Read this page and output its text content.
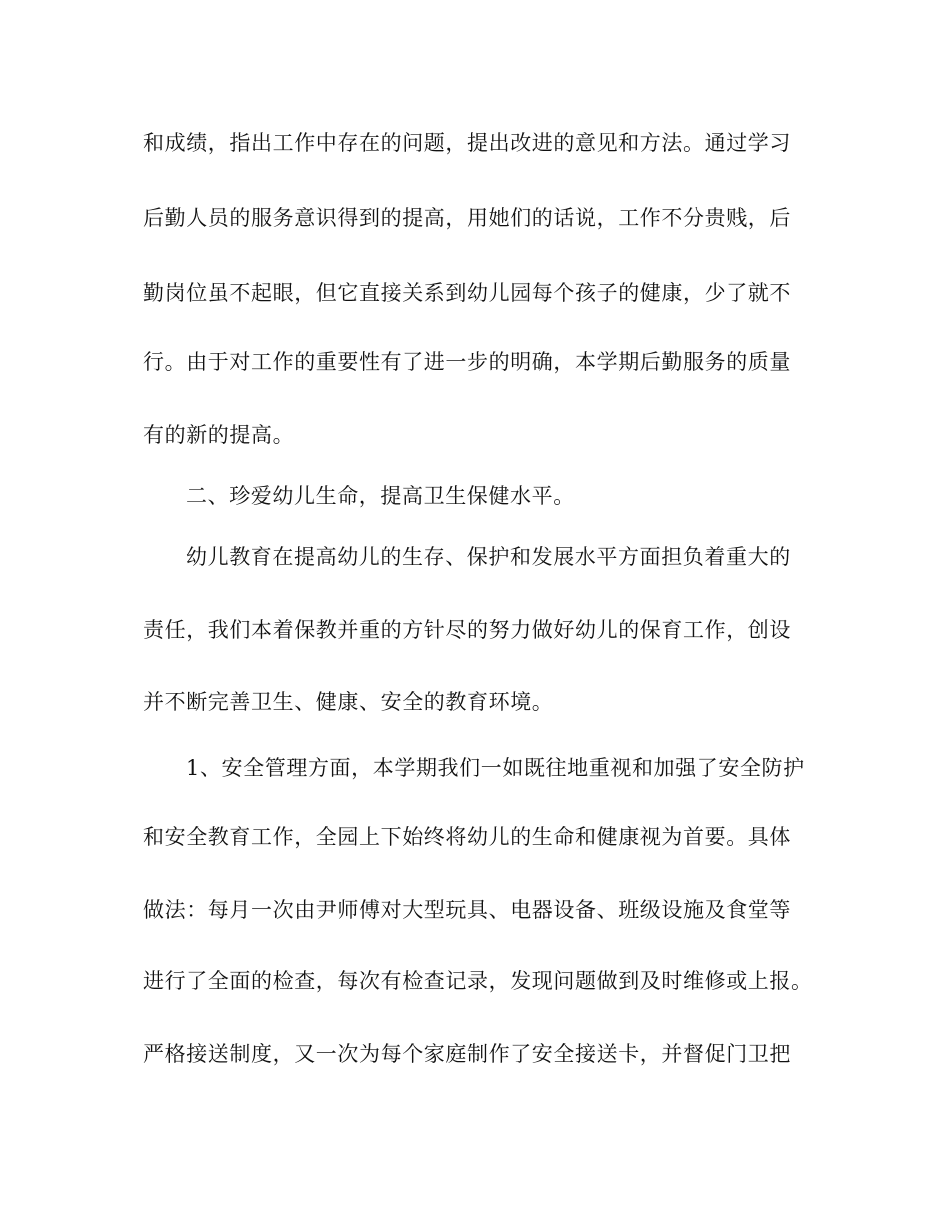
和成绩，指出工作中存在的问题，提出改进的意见和方法。通过学习
后勤人员的服务意识得到的提高，用她们的话说，工作不分贵贱，后
勤岗位虽不起眼，但它直接关系到幼儿园每个孩子的健康，少了就不
行。由于对工作的重要性有了进一步的明确，本学期后勤服务的质量
有的新的提高。
二、珍爱幼儿生命，提高卫生保健水平。
幼儿教育在提高幼儿的生存、保护和发展水平方面担负着重大的
责任，我们本着保教并重的方针尽的努力做好幼儿的保育工作，创设
并不断完善卫生、健康、安全的教育环境。
1、安全管理方面，本学期我们一如既往地重视和加强了安全防护
和安全教育工作，全园上下始终将幼儿的生命和健康视为首要。具体
做法：每月一次由尹师傅对大型玩具、电器设备、班级设施及食堂等
进行了全面的检查，每次有检查记录，发现问题做到及时维修或上报。
严格接送制度，又一次为每个家庭制作了安全接送卡，并督促门卫把
